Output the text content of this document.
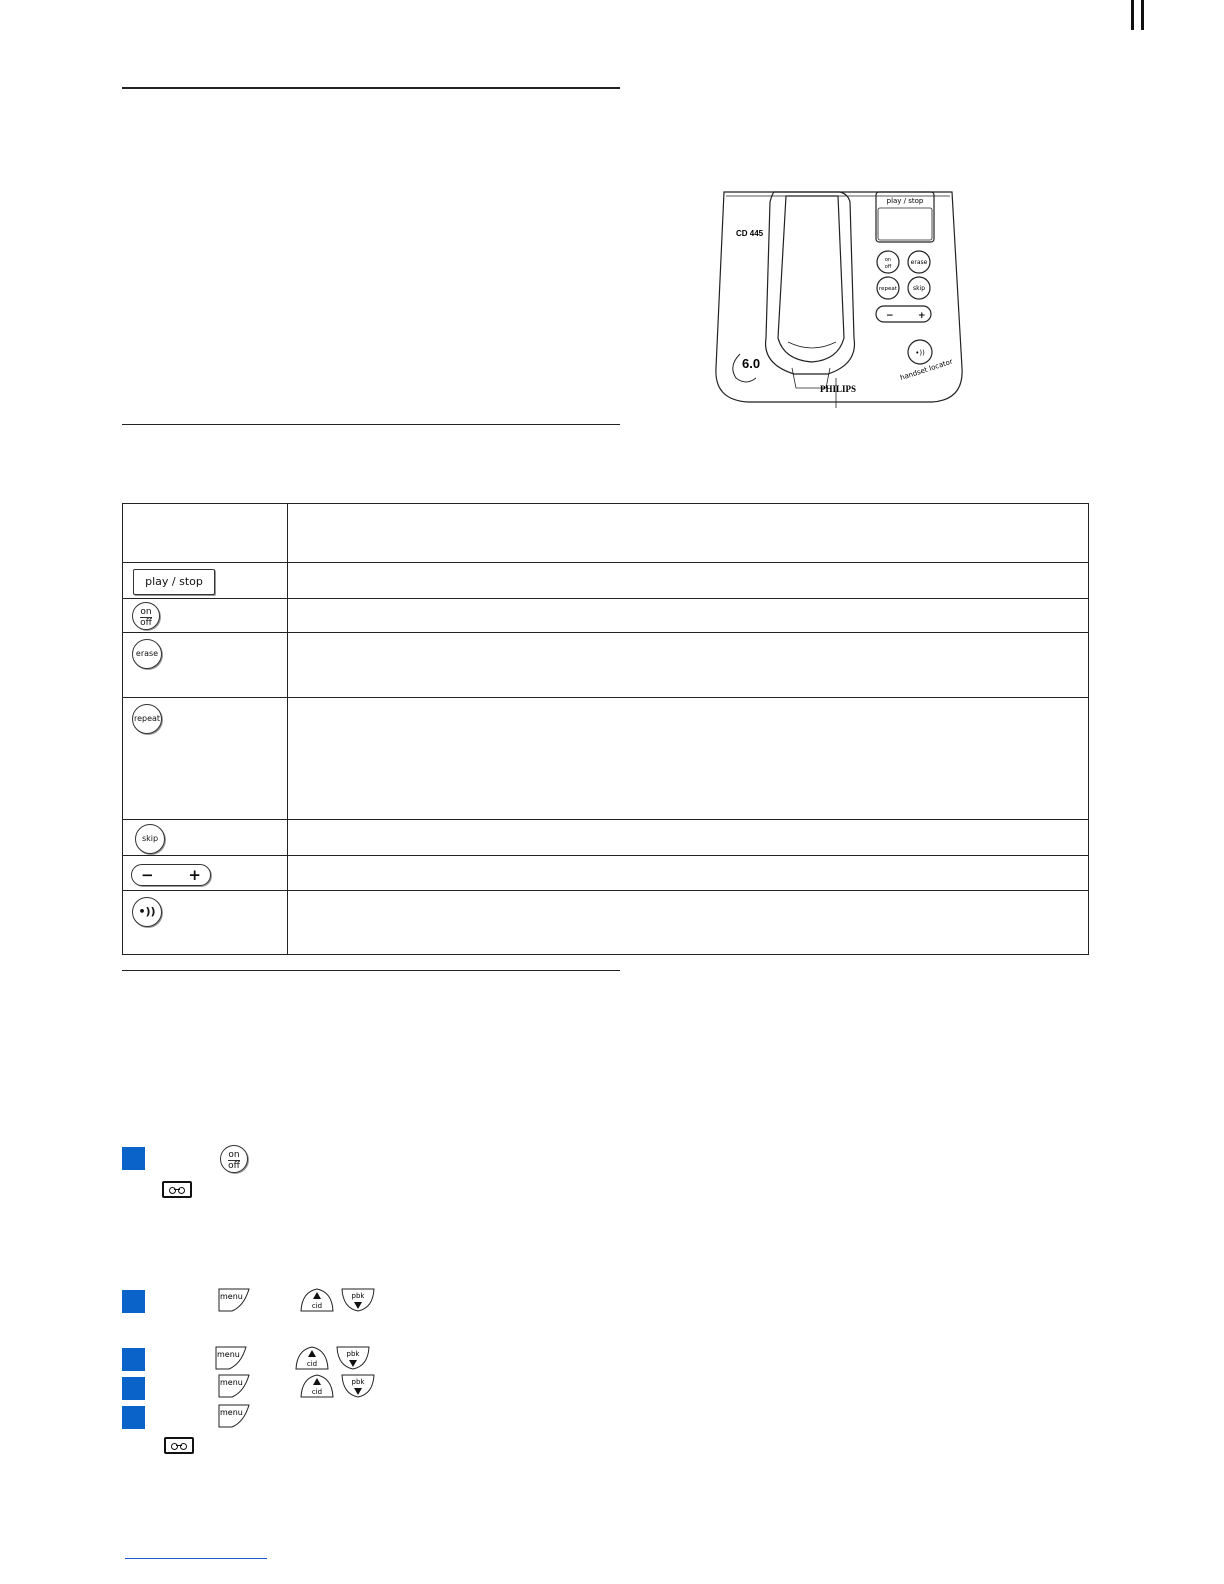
play / stop
CD 445
on
off
erase
repeat	skip
−	+
•))
handset locator
6.0
PHILIPS

play / stop	

on
off	

erase	

repeat	

skip	

− +	

•))	

on
off
menu
menu
menu
menu
cid
pbk
cid
pbk
cid
pbk
